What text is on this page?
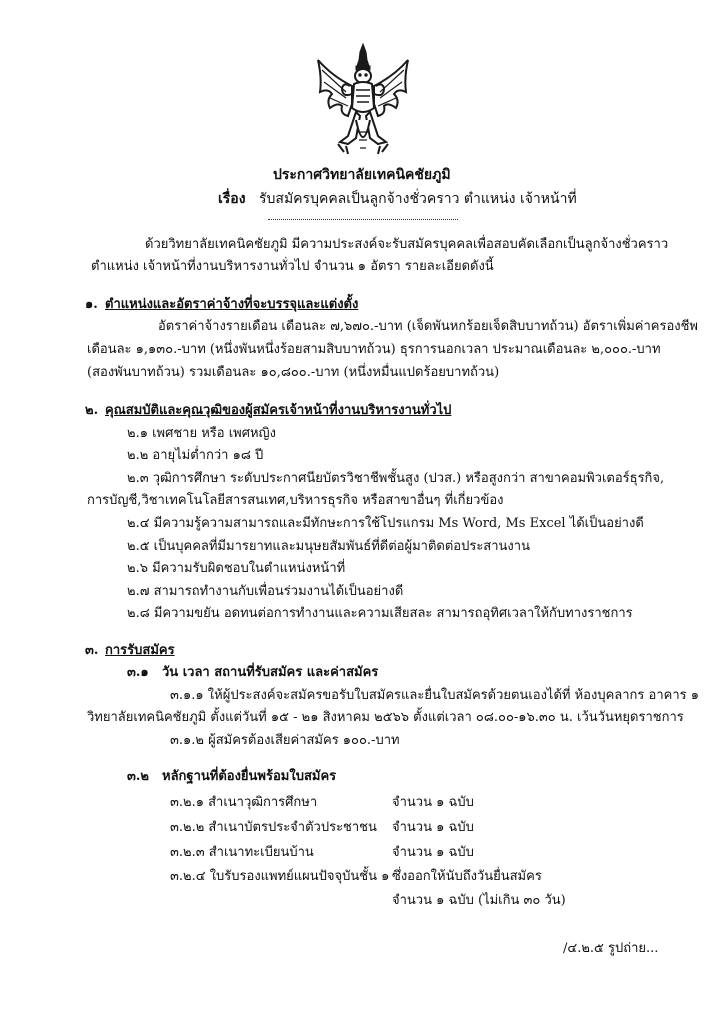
ประกาศวิทยาลัยเทคนิคชัยภูมิ
เรื่อง รับสมัครบุคคลเป็นลูกจ้างชั่วคราว ตำแหน่ง เจ้าหน้าที่
ด้วยวิทยาลัยเทคนิคชัยภูมิ มีความประสงค์จะรับสมัครบุคคลเพื่อสอบคัดเลือกเป็นลูกจ้างชั่วคราว
ตำแหน่ง เจ้าหน้าที่งานบริหารงานทั่วไป จำนวน ๑ อัตรา รายละเอียดดังนี้
๑. ตำแหน่งและอัตราค่าจ้างที่จะบรรจุและแต่งตั้ง
อัตราค่าจ้างรายเดือน เดือนละ ๗,๖๗๐.-บาท (เจ็ดพันหกร้อยเจ็ดสิบบาทถ้วน) อัตราเพิ่มค่าครองชีพ
เดือนละ ๑,๑๓๐.-บาท (หนึ่งพันหนึ่งร้อยสามสิบบาทถ้วน) ธุรการนอกเวลา ประมาณเดือนละ ๒,๐๐๐.-บาท
(สองพันบาทถ้วน) รวมเดือนละ ๑๐,๘๐๐.-บาท (หนึ่งหมื่นแปดร้อยบาทถ้วน)
๒. คุณสมบัติและคุณวุฒิของผู้สมัครเจ้าหน้าที่งานบริหารงานทั่วไป
๒.๑ เพศชาย หรือ เพศหญิง
๒.๒ อายุไม่ต่ำกว่า ๑๘ ปี
๒.๓ วุฒิการศึกษา ระดับประกาศนียบัตรวิชาชีพชั้นสูง (ปวส.) หรือสูงกว่า สาขาคอมพิวเตอร์ธุรกิจ,
การบัญชี,วิชาเทคโนโลยีสารสนเทศ,บริหารธุรกิจ หรือสาขาอื่นๆ ที่เกี่ยวข้อง
๒.๔ มีความรู้ความสามารถและมีทักษะการใช้โปรแกรม Ms Word, Ms Excel ได้เป็นอย่างดี
๒.๕ เป็นบุคคลที่มีมารยาทและมนุษยสัมพันธ์ที่ดีต่อผู้มาติดต่อประสานงาน
๒.๖ มีความรับผิดชอบในตำแหน่งหน้าที่
๒.๗ สามารถทำงานกับเพื่อนร่วมงานได้เป็นอย่างดี
๒.๘ มีความขยัน อดทนต่อการทำงานและความเสียสละ สามารถอุทิศเวลาให้กับทางราชการ
๓. การรับสมัคร
๓.๑ วัน เวลา สถานที่รับสมัคร และค่าสมัคร
๓.๑.๑ ให้ผู้ประสงค์จะสมัครขอรับใบสมัครและยื่นใบสมัครด้วยตนเองได้ที่ ห้องบุคลากร อาคาร ๑
วิทยาลัยเทคนิคชัยภูมิ ตั้งแต่วันที่ ๑๕ - ๒๑ สิงหาคม ๒๕๖๖ ตั้งแต่เวลา ๐๘.๐๐-๑๖.๓๐ น. เว้นวันหยุดราชการ
๓.๑.๒ ผู้สมัครต้องเสียค่าสมัคร ๑๐๐.-บาท
๓.๒ หลักฐานที่ต้องยื่นพร้อมใบสมัคร
๓.๒.๑ สำเนาวุฒิการศึกษา	จำนวน ๑ ฉบับ
๓.๒.๒ สำเนาบัตรประจำตัวประชาชน จำนวน ๑ ฉบับ
๓.๒.๓ สำเนาทะเบียนบ้าน	จำนวน ๑ ฉบับ
๓.๒.๔ ใบรับรองแพทย์แผนปัจจุบันชั้น ๑ ซึ่งออกให้นับถึงวันยื่นสมัคร
จำนวน ๑ ฉบับ (ไม่เกิน ๓๐ วัน)
/๔.๒.๕ รูปถ่าย...
